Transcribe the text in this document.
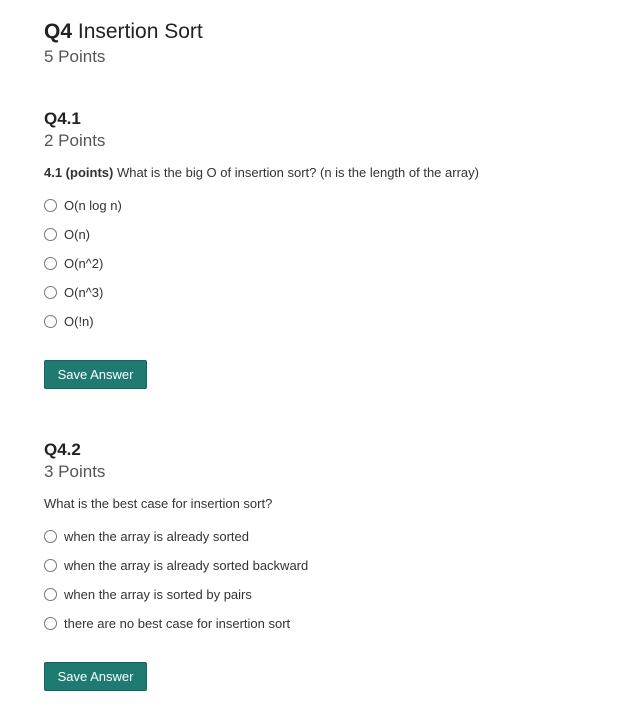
Q4 Insertion Sort
5 Points
Q4.1
2 Points
4.1 (points) What is the big O of insertion sort? (n is the length of the array)
O(n log n)
O(n)
O(n^2)
O(n^3)
O(!n)
Save Answer
Q4.2
3 Points
What is the best case for insertion sort?
when the array is already sorted
when the array is already sorted backward
when the array is sorted by pairs
there are no best case for insertion sort
Save Answer
